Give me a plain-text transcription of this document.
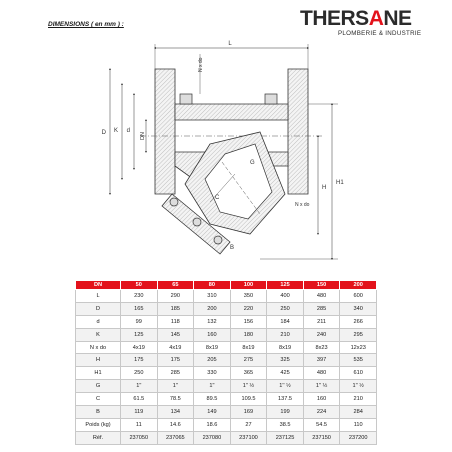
DIMENSIONS ( en mm ) :	THERS A NE
PLOMBERIE & INDUSTRIE
L
N x do
D K d
DN
H
H1
G
C
B
N x do
DN	50	65	80	100	125	150	200
L	230	290	310	350	400	480	600
D	165	185	200	220	250	285	340
d	99	118	132	156	184	211	266
K	125	145	160	180	210	240	295
N x do	4x19	4x19	8x19	8x19	8x19	8x23	12x23
H	175	175	205	275	325	397	535
H1	250	285	330	365	425	480	610
G	1"	1"	1"	1'' ½	1'' ½	1'' ½	1'' ½
C	61.5	78.5	89.5	109.5	137.5	160	210
B	119	134	149	169	199	224	284
Poids (kg)	11	14.6	18.6	27	38.5	54.5	110
Réf.	237050	237065	237080	237100	237125	237150	237200
